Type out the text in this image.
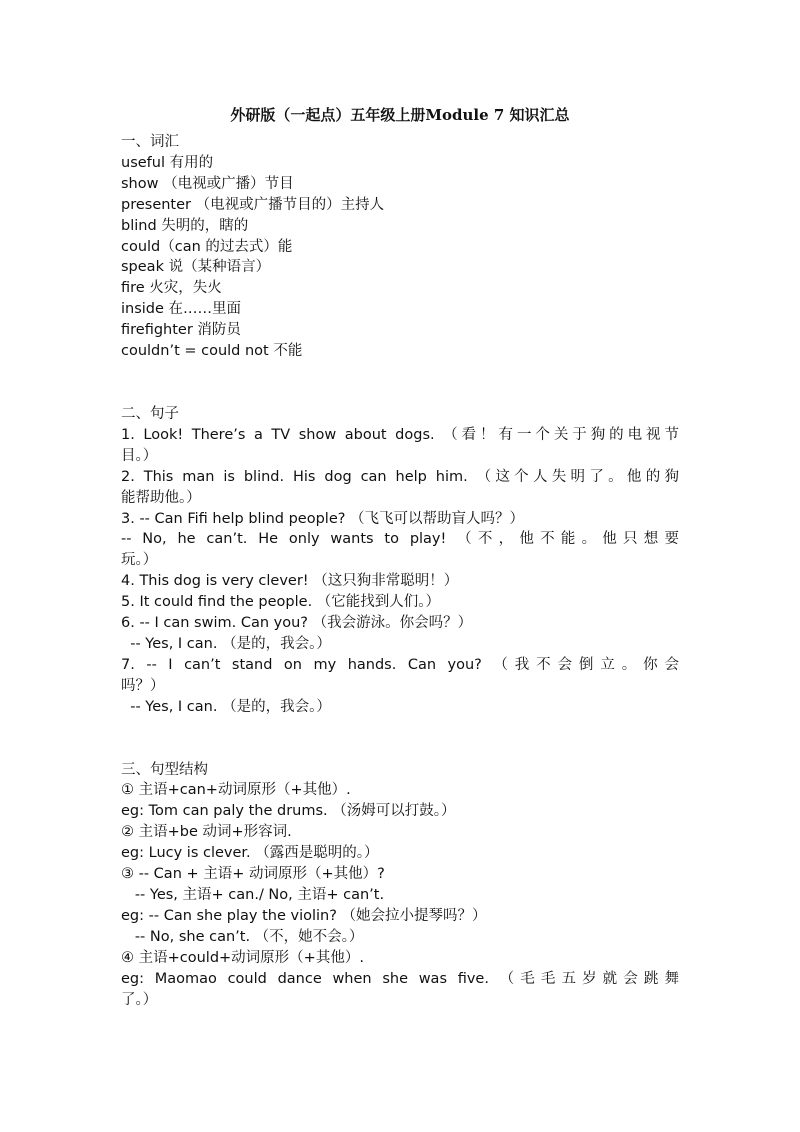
外研版（一起点）五年级上册Module 7 知识汇总
一、词汇
useful 有用的
show （电视或广播）节目
presenter （电视或广播节目的）主持人
blind 失明的，瞎的
could（can 的过去式）能
speak 说（某种语言）
fire 火灾，失火
inside 在……里面
firefighter 消防员
couldn’t = could not 不能
二、句子
1. Look! There’s a TV show about dogs. （看！有一个关于狗的电视节
目。）
2. This man is blind. His dog can help him. （这个人失明了。他的狗
能帮助他。）
3. -- Can Fifi help blind people? （飞飞可以帮助盲人吗？）
-- No, he can’t. He only wants to play! （不，他不能。他只想要
玩。）
4. This dog is very clever! （这只狗非常聪明！）
5. It could find the people. （它能找到人们。）
6. -- I can swim. Can you? （我会游泳。你会吗？）
-- Yes, I can. （是的，我会。）
7. -- I can’t stand on my hands. Can you? （我不会倒立。你会
吗？）
-- Yes, I can. （是的，我会。）
三、句型结构
① 主语+can+动词原形（+其他）.
eg: Tom can paly the drums. （汤姆可以打鼓。）
② 主语+be 动词+形容词.
eg: Lucy is clever. （露西是聪明的。）
③ -- Can + 主语+ 动词原形（+其他）?
-- Yes, 主语+ can./ No, 主语+ can’t.
eg: -- Can she play the violin? （她会拉小提琴吗？）
-- No, she can’t. （不，她不会。）
④ 主语+could+动词原形（+其他）.
eg: Maomao could dance when she was five. （毛毛五岁就会跳舞
了。）
